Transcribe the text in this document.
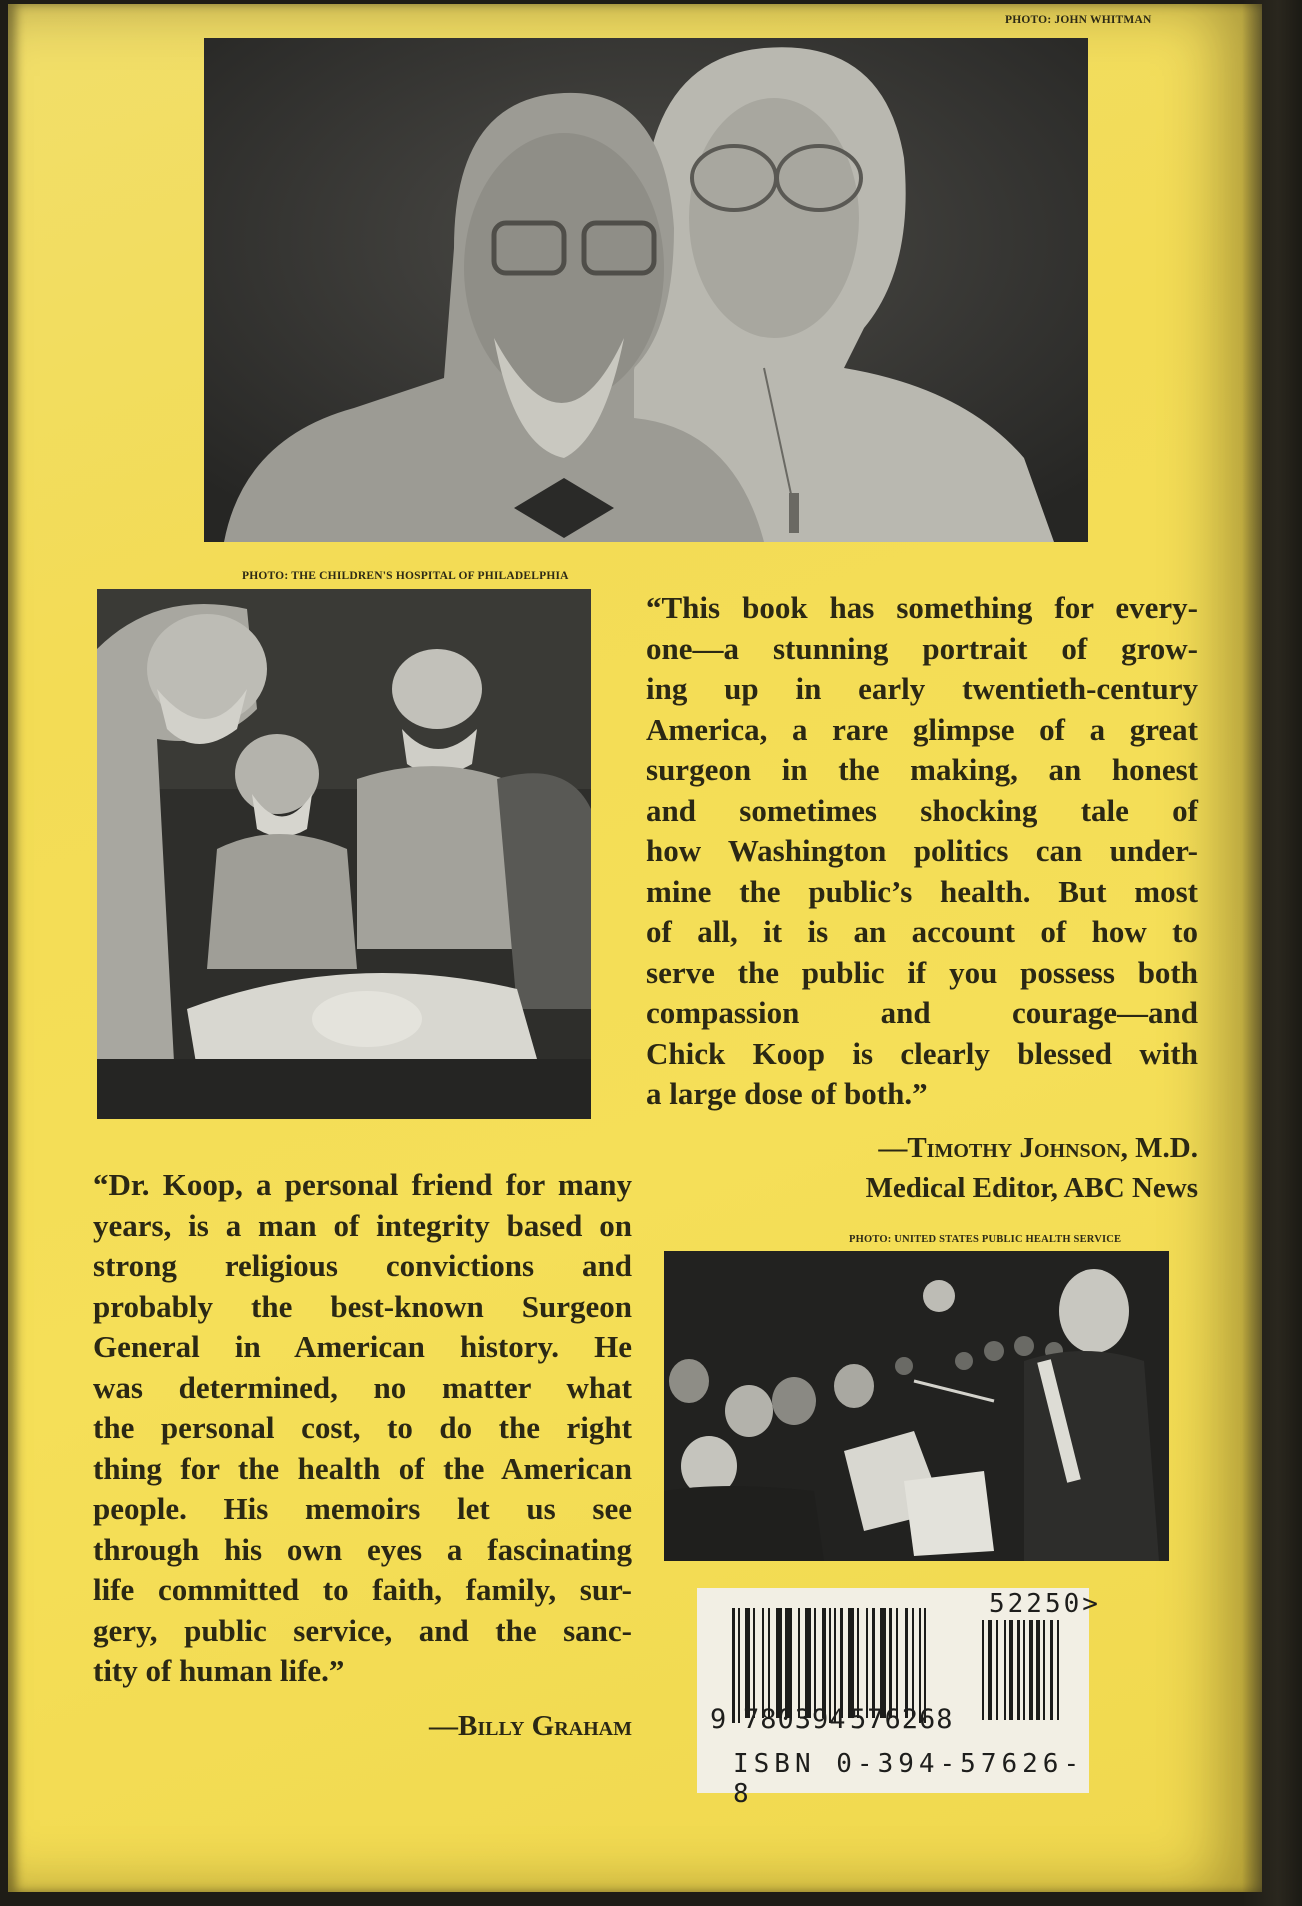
PHOTO: JOHN WHITMAN
PHOTO: THE CHILDREN'S HOSPITAL OF PHILADELPHIA
“This book has something for every-
one—a stunning portrait of grow-
ing up in early twentieth-century
America, a rare glimpse of a great
surgeon in the making, an honest
and sometimes shocking tale of
how Washington politics can under-
mine the public’s health. But most
of all, it is an account of how to
serve the public if you possess both
compassion and courage—and
Chick Koop is clearly blessed with
a large dose of both.”
—Timothy Johnson, M.D.
Medical Editor, ABC News
“Dr. Koop, a personal friend for many
years, is a man of integrity based on
strong religious convictions and
probably the best-known Surgeon
General in American history. He
was determined, no matter what
the personal cost, to do the right
thing for the health of the American
people. His memoirs let us see
through his own eyes a fascinating
life committed to faith, family, sur-
gery, public service, and the sanc-
tity of human life.”
—Billy Graham
PHOTO: UNITED STATES PUBLIC HEALTH SERVICE
52250>
9 780394 576268
ISBN 0-394-57626-8
